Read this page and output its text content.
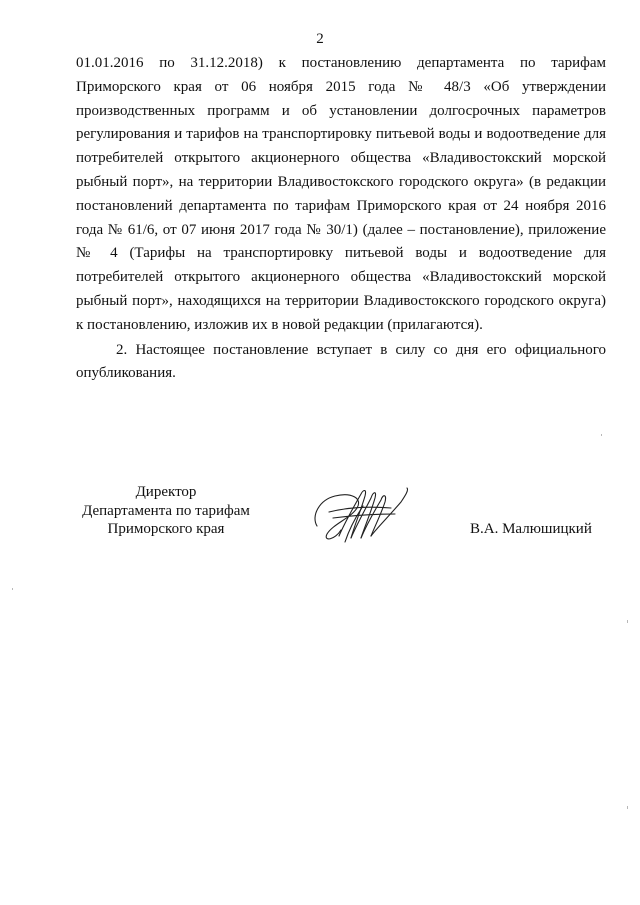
2

01.01.2016 по 31.12.2018) к постановлению департамента по тарифам Приморского края от 06 ноября 2015 года № 48/3 «Об утверждении производственных программ и об установлении долгосрочных параметров регулирования и тарифов на транспортировку питьевой воды и водоотведение для потребителей открытого акционерного общества «Владивостокский морской рыбный порт», на территории Владивостокского городского округа» (в редакции постановлений департамента по тарифам Приморского края от 24 ноября 2016 года № 61/6, от 07 июня 2017 года № 30/1) (далее – постановление), приложение № 4 (Тарифы на транспортировку питьевой воды и водоотведение для потребителей открытого акционерного общества «Владивостокский морской рыбный порт», находящихся на территории Владивостокского городского округа) к постановлению, изложив их в новой редакции (прилагаются).

2. Настоящее постановление вступает в силу со дня его официального опубликования.

Директор
Департамента по тарифам
Приморского края	В.А. Малюшицкий
